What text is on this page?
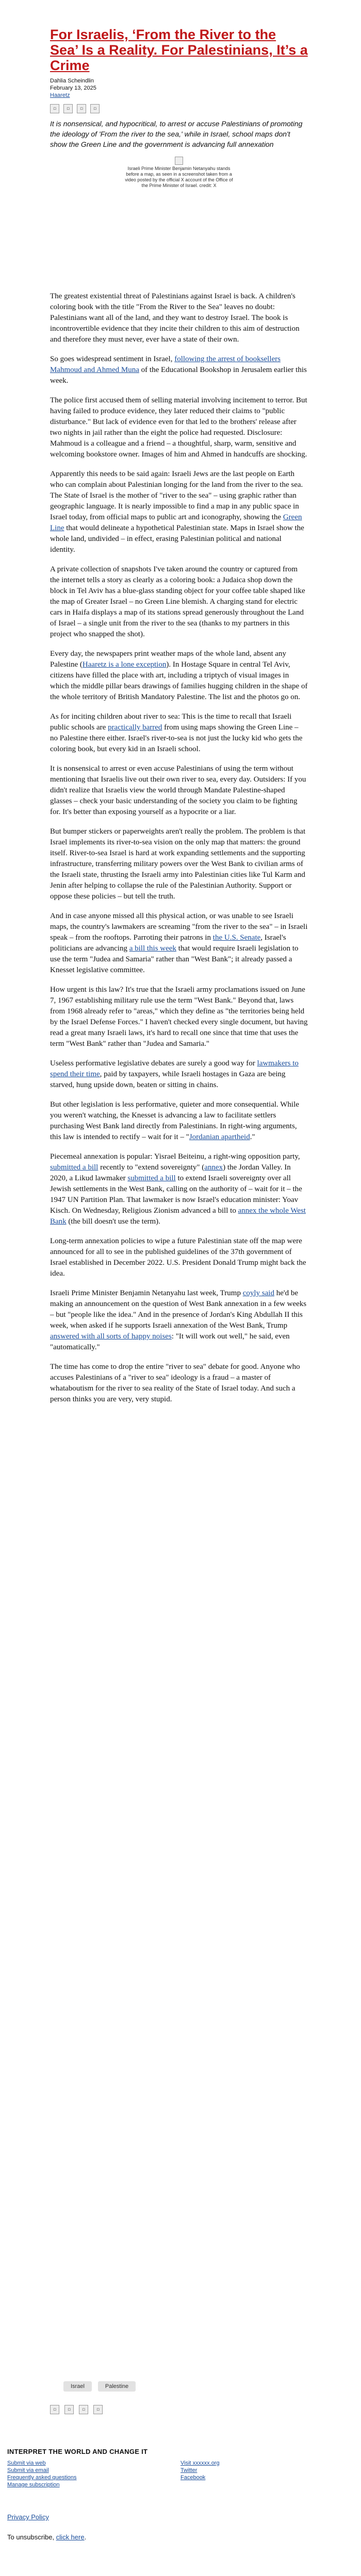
For Israelis, ‘From the River to the Sea’ Is a Reality. For Palestinians, It’s a Crime
Dahlia Scheindlin
February 13, 2025
Haaretz
▫	▫	▫	▫
It is nonsensical, and hypocritical, to arrest or accuse Palestinians of promoting the ideology of 'From the river to the sea,' while in Israel, school maps don't show the Green Line and the government is advancing full annexation
Israeli Prime Minister Benjamin Netanyahu stands before a map, as seen in a screenshot taken from a video posted by the official X account of the Office of the Prime Minister of Israel. credit: X

The greatest existential threat of Palestinians against Israel is back. A children's coloring book with the title "From the River to the Sea" leaves no doubt: Palestinians want all of the land, and they want to destroy Israel. The book is incontrovertible evidence that they incite their children to this aim of destruction and therefore they must never, ever have a state of their own.

So goes widespread sentiment in Israel, following the arrest of booksellers Mahmoud and Ahmed Muna of the Educational Bookshop in Jerusalem earlier this week.

The police first accused them of selling material involving incitement to terror. But having failed to produce evidence, they later reduced their claims to "public disturbance." But lack of evidence even for that led to the brothers' release after two nights in jail rather than the eight the police had requested. Disclosure: Mahmoud is a colleague and a friend – a thoughtful, sharp, warm, sensitive and welcoming bookstore owner. Images of him and Ahmed in handcuffs are shocking.

Apparently this needs to be said again: Israeli Jews are the last people on Earth who can complain about Palestinian longing for the land from the river to the sea. The State of Israel is the mother of "river to the sea" – using graphic rather than geographic language. It is nearly impossible to find a map in any public space in Israel today, from official maps to public art and iconography, showing the Green Line that would delineate a hypothetical Palestinian state. Maps in Israel show the whole land, undivided – in effect, erasing Palestinian political and national identity.

A private collection of snapshots I've taken around the country or captured from the internet tells a story as clearly as a coloring book: a Judaica shop down the block in Tel Aviv has a blue-glass standing object for your coffee table shaped like the map of Greater Israel – no Green Line blemish. A charging stand for electric cars in Haifa displays a map of its stations spread generously throughout the Land of Israel – a single unit from the river to the sea (thanks to my partners in this project who snapped the shot).

Every day, the newspapers print weather maps of the whole land, absent any Palestine (Haaretz is a lone exception). In Hostage Square in central Tel Aviv, citizens have filled the place with art, including a triptych of visual images in which the middle pillar bears drawings of families hugging children in the shape of the whole territory of British Mandatory Palestine. The list and the photos go on.

As for inciting children about river to sea: This is the time to recall that Israeli public schools are practically barred from using maps showing the Green Line – no Palestine there either. Israel's river-to-sea is not just the lucky kid who gets the coloring book, but every kid in an Israeli school.

It is nonsensical to arrest or even accuse Palestinians of using the term without mentioning that Israelis live out their own river to sea, every day. Outsiders: If you didn't realize that Israelis view the world through Mandate Palestine-shaped glasses – check your basic understanding of the society you claim to be fighting for. It's better than exposing yourself as a hypocrite or a liar.

But bumper stickers or paperweights aren't really the problem. The problem is that Israel implements its river-to-sea vision on the only map that matters: the ground itself. River-to-sea Israel is hard at work expanding settlements and the supporting infrastructure, transferring military powers over the West Bank to civilian arms of the Israeli state, thrusting the Israeli army into Palestinian cities like Tul Karm and Jenin after helping to collapse the rule of the Palestinian Authority. Support or oppose these policies – but tell the truth.

And in case anyone missed all this physical action, or was unable to see Israeli maps, the country's lawmakers are screaming "from the river to the sea" – in Israeli speak – from the rooftops. Parroting their patrons in the U.S. Senate, Israel's politicians are advancing a bill this week that would require Israeli legislation to use the term "Judea and Samaria" rather than "West Bank"; it already passed a Knesset legislative committee.

How urgent is this law? It's true that the Israeli army proclamations issued on June 7, 1967 establishing military rule use the term "West Bank." Beyond that, laws from 1968 already refer to "areas," which they define as "the territories being held by the Israel Defense Forces." I haven't checked every single document, but having read a great many Israeli laws, it's hard to recall one since that time that uses the term "West Bank" rather than "Judea and Samaria."

Useless performative legislative debates are surely a good way for lawmakers to spend their time, paid by taxpayers, while Israeli hostages in Gaza are being starved, hung upside down, beaten or sitting in chains.

But other legislation is less performative, quieter and more consequential. While you weren't watching, the Knesset is advancing a law to facilitate settlers purchasing West Bank land directly from Palestinians. In right-wing arguments, this law is intended to rectify – wait for it – "Jordanian apartheid."

Piecemeal annexation is popular: Yisrael Beiteinu, a right-wing opposition party, submitted a bill recently to "extend sovereignty" (annex) the Jordan Valley. In 2020, a Likud lawmaker submitted a bill to extend Israeli sovereignty over all Jewish settlements in the West Bank, calling on the authority of – wait for it – the 1947 UN Partition Plan. That lawmaker is now Israel's education minister: Yoav Kisch. On Wednesday, Religious Zionism advanced a bill to annex the whole West Bank (the bill doesn't use the term).

Long-term annexation policies to wipe a future Palestinian state off the map were announced for all to see in the published guidelines of the 37th government of Israel established in December 2022. U.S. President Donald Trump might back the idea.

Israeli Prime Minister Benjamin Netanyahu last week, Trump coyly said he'd be making an announcement on the question of West Bank annexation in a few weeks – but "people like the idea." And in the presence of Jordan's King Abdullah II this week, when asked if he supports Israeli annexation of the West Bank, Trump answered with all sorts of happy noises: "It will work out well," he said, even "automatically."

The time has come to drop the entire "river to sea" debate for good. Anyone who accuses Palestinians of a "river to sea" ideology is a fraud – a master of whataboutism for the river to sea reality of the State of Israel today. And such a person thinks you are very, very stupid.

Israel	Palestine
▫	▫	▫	▫
INTERPRET THE WORLD AND CHANGE IT
Submit via web
Submit via email
Frequently asked questions
Manage subscription
Visit xxxxxx.org
Twitter
Facebook
Privacy Policy
To unsubscribe, click here.
